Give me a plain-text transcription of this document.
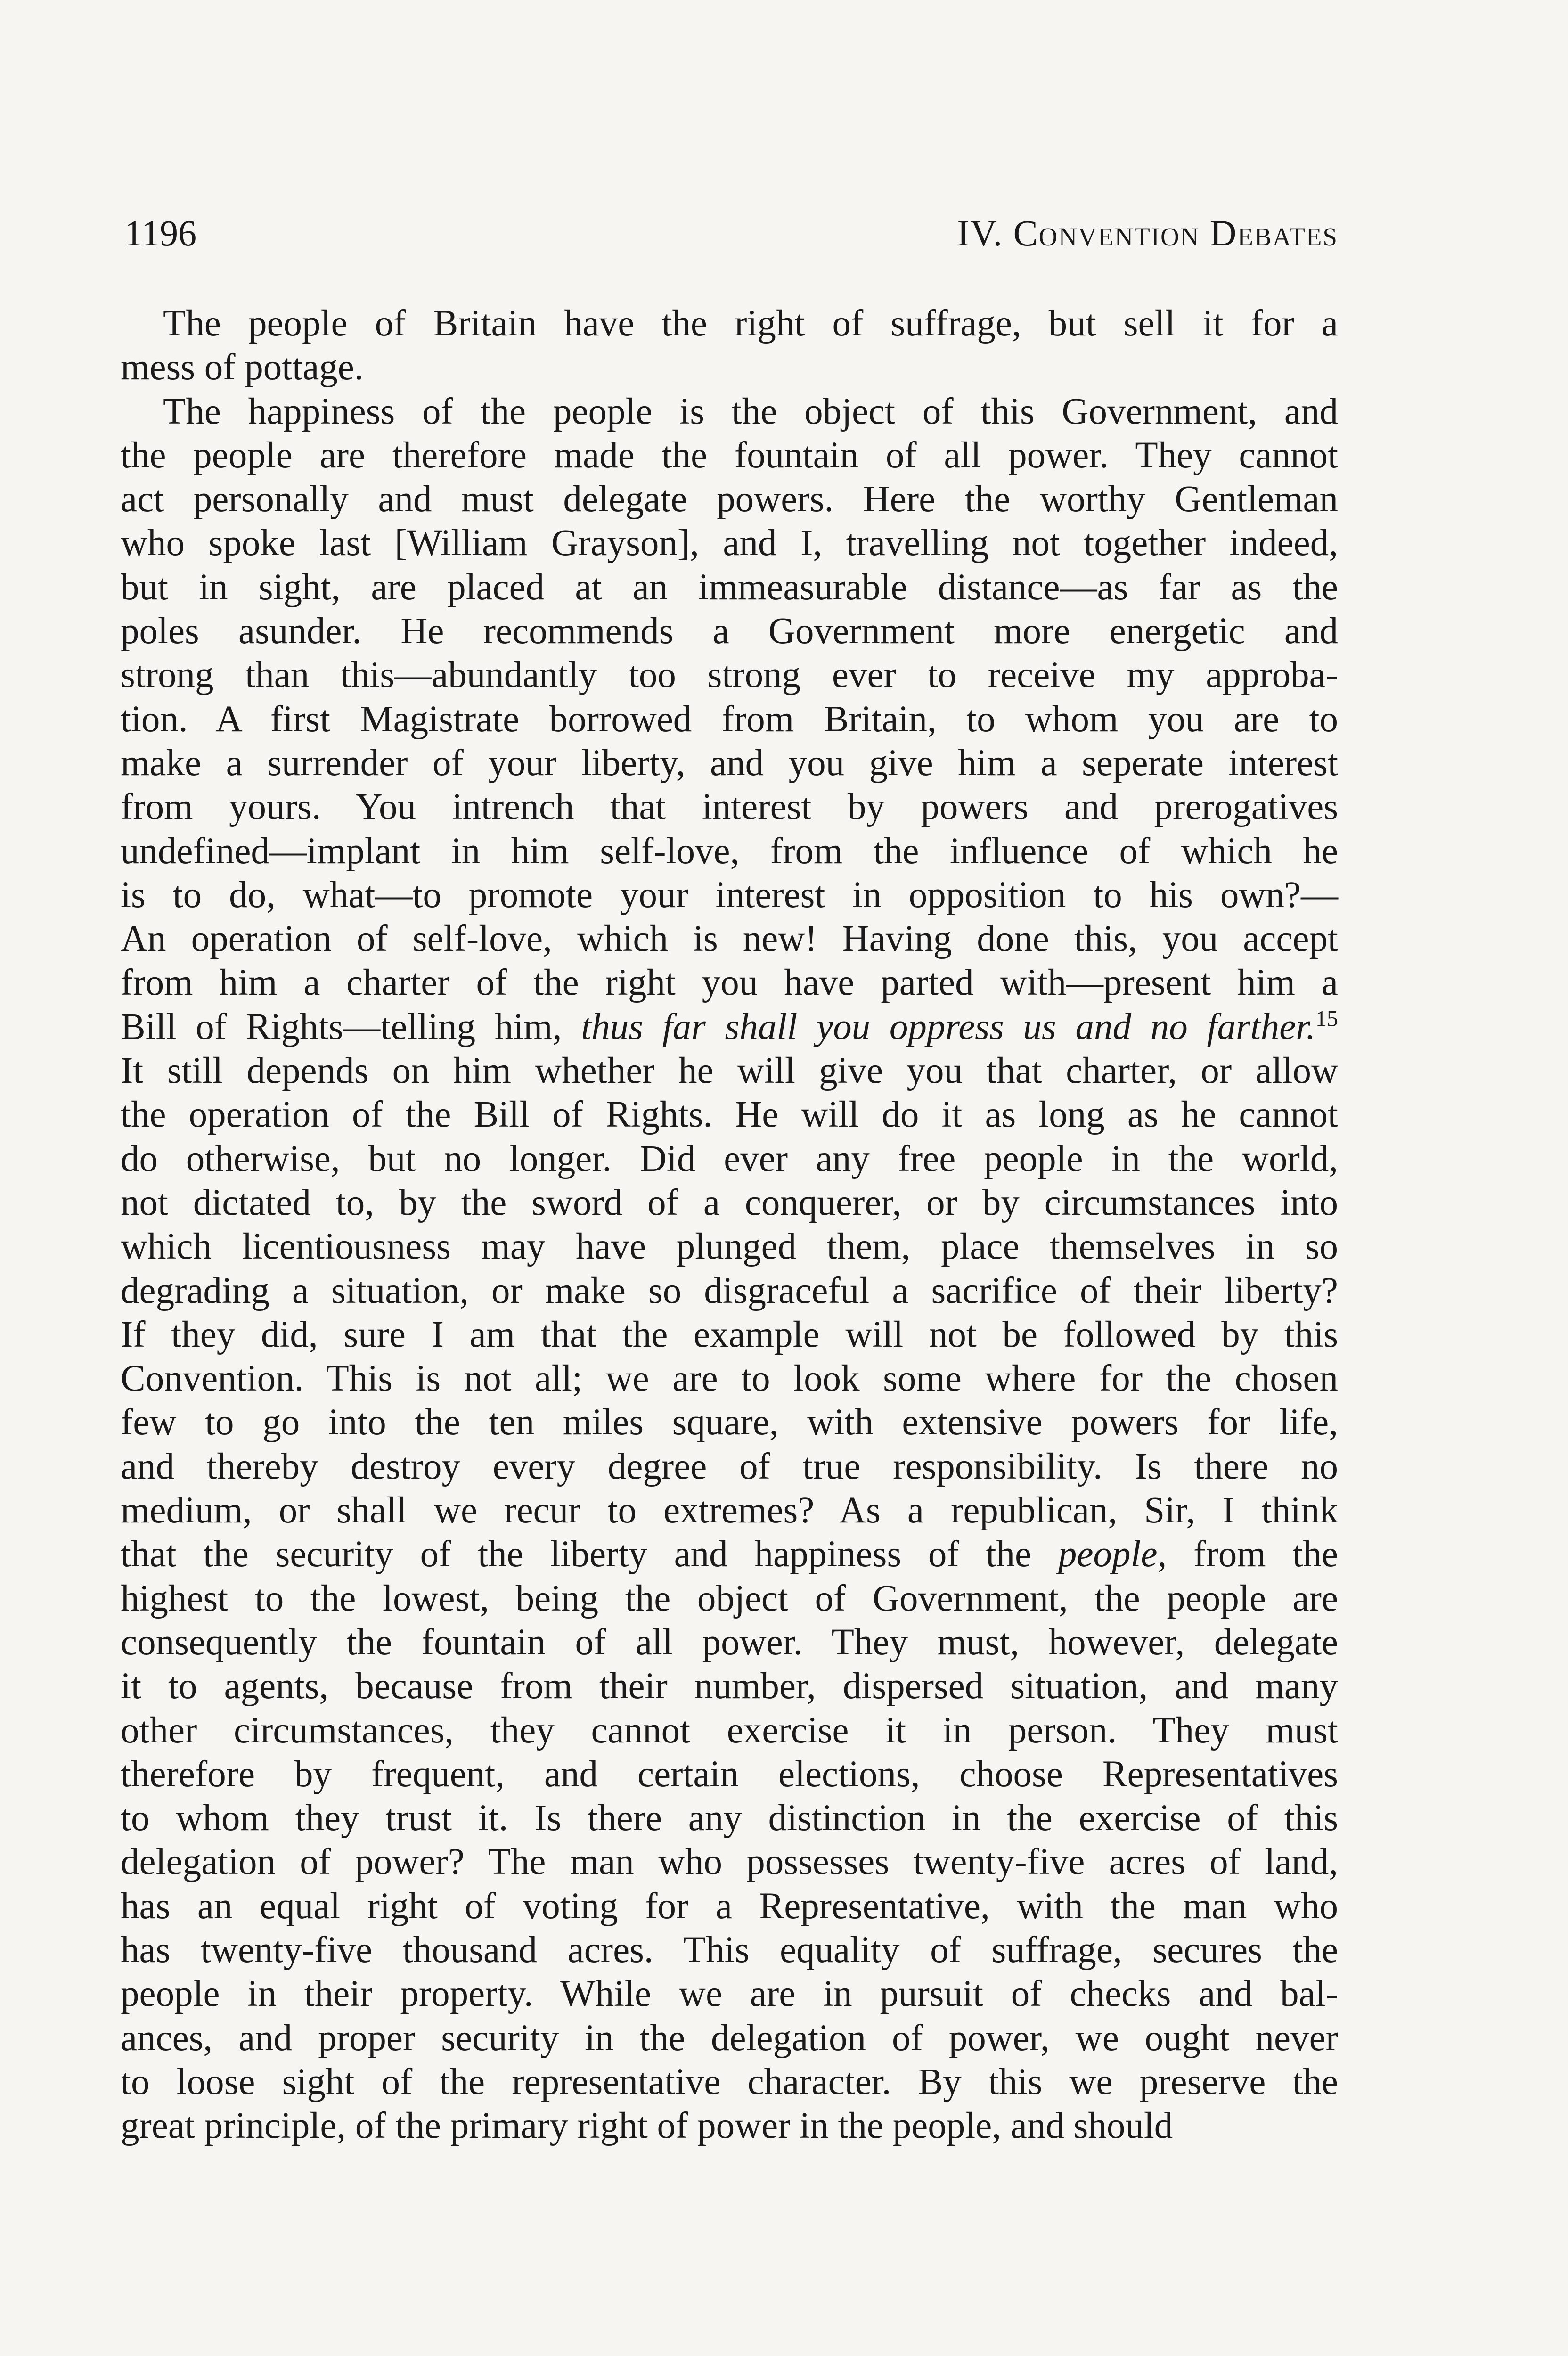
1196	IV. Convention Debates

The people of Britain have the right of suffrage, but sell it for a
mess of pottage.

The happiness of the people is the object of this Government, and
the people are therefore made the fountain of all power. They cannot
act personally and must delegate powers. Here the worthy Gentleman
who spoke last [William Grayson], and I, travelling not together indeed,
but in sight, are placed at an immeasurable distance—as far as the
poles asunder. He recommends a Government more energetic and
strong than this—abundantly too strong ever to receive my approba-
tion. A first Magistrate borrowed from Britain, to whom you are to
make a surrender of your liberty, and you give him a seperate interest
from yours. You intrench that interest by powers and prerogatives
undefined—implant in him self-love, from the influence of which he
is to do, what—to promote your interest in opposition to his own?—
An operation of self-love, which is new! Having done this, you accept
from him a charter of the right you have parted with—present him a
Bill of Rights—telling him, thus far shall you oppress us and no farther.$^{15}$
It still depends on him whether he will give you that charter, or allow
the operation of the Bill of Rights. He will do it as long as he cannot
do otherwise, but no longer. Did ever any free people in the world,
not dictated to, by the sword of a conquerer, or by circumstances into
which licentiousness may have plunged them, place themselves in so
degrading a situation, or make so disgraceful a sacrifice of their liberty?
If they did, sure I am that the example will not be followed by this
Convention. This is not all; we are to look some where for the chosen
few to go into the ten miles square, with extensive powers for life,
and thereby destroy every degree of true responsibility. Is there no
medium, or shall we recur to extremes? As a republican, Sir, I think
that the security of the liberty and happiness of the people, from the
highest to the lowest, being the object of Government, the people are
consequently the fountain of all power. They must, however, delegate
it to agents, because from their number, dispersed situation, and many
other circumstances, they cannot exercise it in person. They must
therefore by frequent, and certain elections, choose Representatives
to whom they trust it. Is there any distinction in the exercise of this
delegation of power? The man who possesses twenty-five acres of land,
has an equal right of voting for a Representative, with the man who
has twenty-five thousand acres. This equality of suffrage, secures the
people in their property. While we are in pursuit of checks and bal-
ances, and proper security in the delegation of power, we ought never
to loose sight of the representative character. By this we preserve the
great principle, of the primary right of power in the people, and should
